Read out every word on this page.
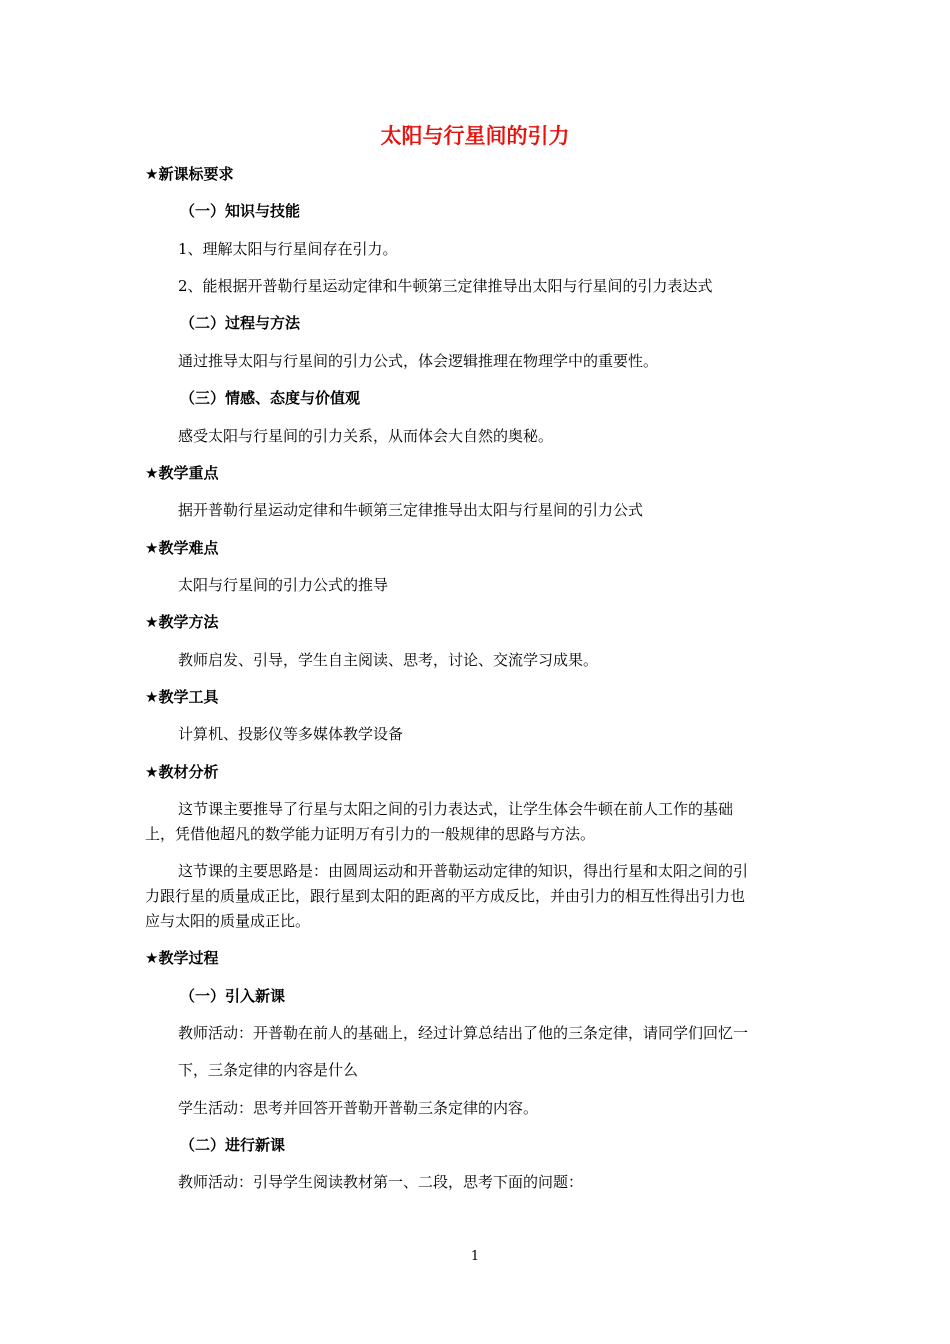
太阳与行星间的引力
★新课标要求
（一）知识与技能
1、理解太阳与行星间存在引力。
2、能根据开普勒行星运动定律和牛顿第三定律推导出太阳与行星间的引力表达式
（二）过程与方法
通过推导太阳与行星间的引力公式，体会逻辑推理在物理学中的重要性。
（三）情感、态度与价值观
感受太阳与行星间的引力关系，从而体会大自然的奥秘。
★教学重点
据开普勒行星运动定律和牛顿第三定律推导出太阳与行星间的引力公式
★教学难点
太阳与行星间的引力公式的推导
★教学方法
教师启发、引导，学生自主阅读、思考，讨论、交流学习成果。
★教学工具
计算机、投影仪等多媒体教学设备
★教材分析
这节课主要推导了行星与太阳之间的引力表达式，让学生体会牛顿在前人工作的基础
上，凭借他超凡的数学能力证明万有引力的一般规律的思路与方法。
这节课的主要思路是：由圆周运动和开普勒运动定律的知识，得出行星和太阳之间的引
力跟行星的质量成正比，跟行星到太阳的距离的平方成反比，并由引力的相互性得出引力也
应与太阳的质量成正比。
★教学过程
（一）引入新课
教师活动：开普勒在前人的基础上，经过计算总结出了他的三条定律，请同学们回忆一
下，三条定律的内容是什么
学生活动：思考并回答开普勒开普勒三条定律的内容。
（二）进行新课
教师活动：引导学生阅读教材第一、二段，思考下面的问题：
1
